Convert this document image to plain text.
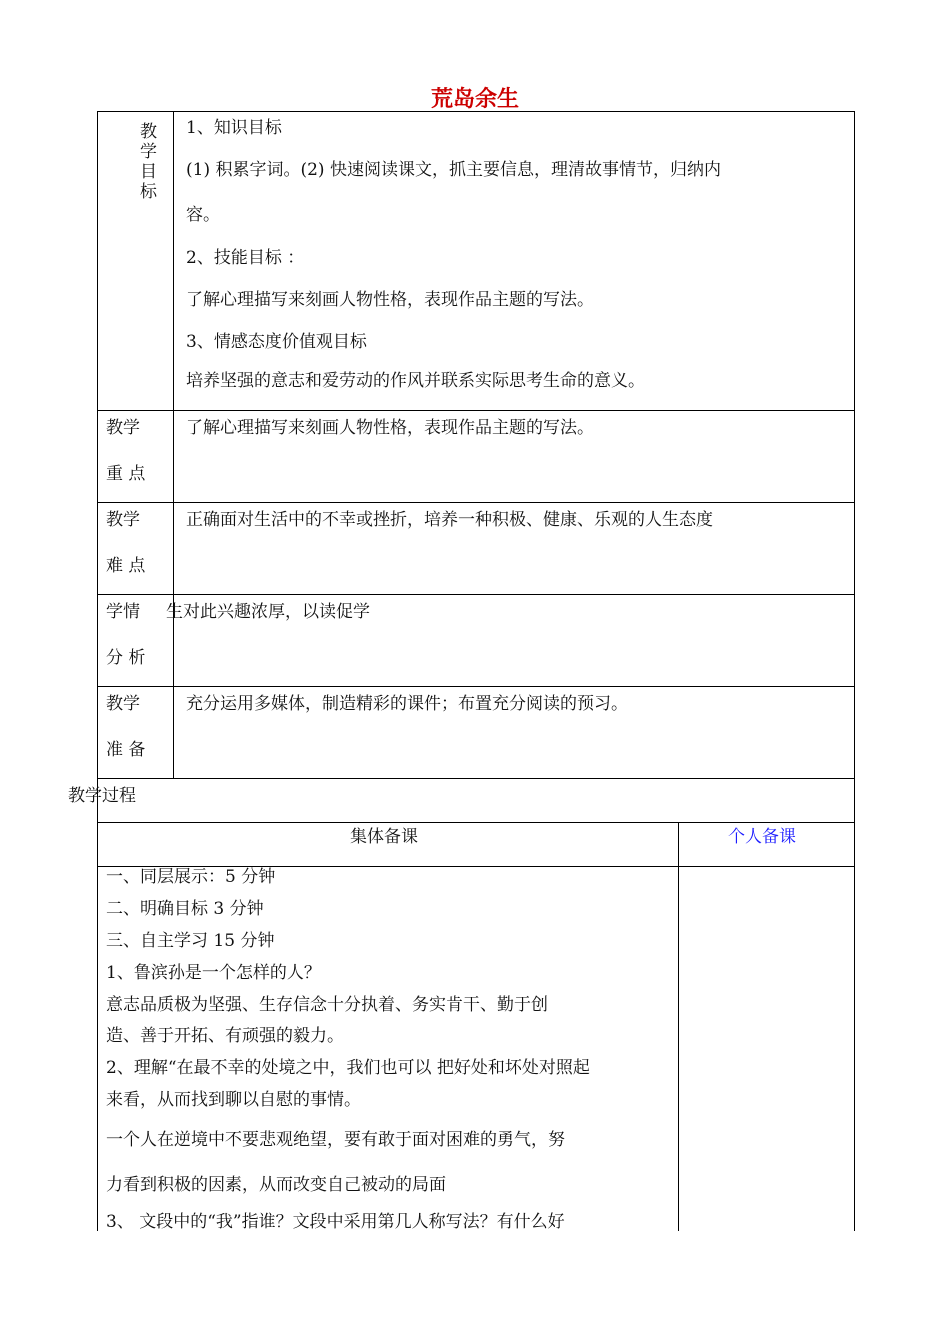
荒岛余生
教
学
目
标
1、知识目标
(1) 积累字词。(2) 快速阅读课文，抓主要信息，理清故事情节，归纳内
容。
2、技能目标 ：
了解心理描写来刻画人物性格，表现作品主题的写法。
3、情感态度价值观目标
培养坚强的意志和爱劳动的作风并联系实际思考生命的意义。
教学
重 点
了解心理描写来刻画人物性格，表现作品主题的写法。
教学
难 点
正确面对生活中的不幸或挫折，培养一种积极、健康、乐观的人生态度
学情
分 析
生对此兴趣浓厚，以读促学
教学
准 备
充分运用多媒体，制造精彩的课件；布置充分阅读的预习。
教学过程
集体备课	个人备课
一、同层展示：5 分钟
二、明确目标 3 分钟
三、自主学习 15 分钟
1、鲁滨孙是一个怎样的人？
意志品质极为坚强、生存信念十分执着、务实肯干、勤于创
造、善于开拓、有顽强的毅力。
2、理解“在最不幸的处境之中，我们也可以 把好处和坏处对照起
来看，从而找到聊以自慰的事情。
一个人在逆境中不要悲观绝望，要有敢于面对困难的勇气，努
力看到积极的因素，从而改变自己被动的局面
3、 文段中的“我”指谁？文段中采用第几人称写法？有什么好
